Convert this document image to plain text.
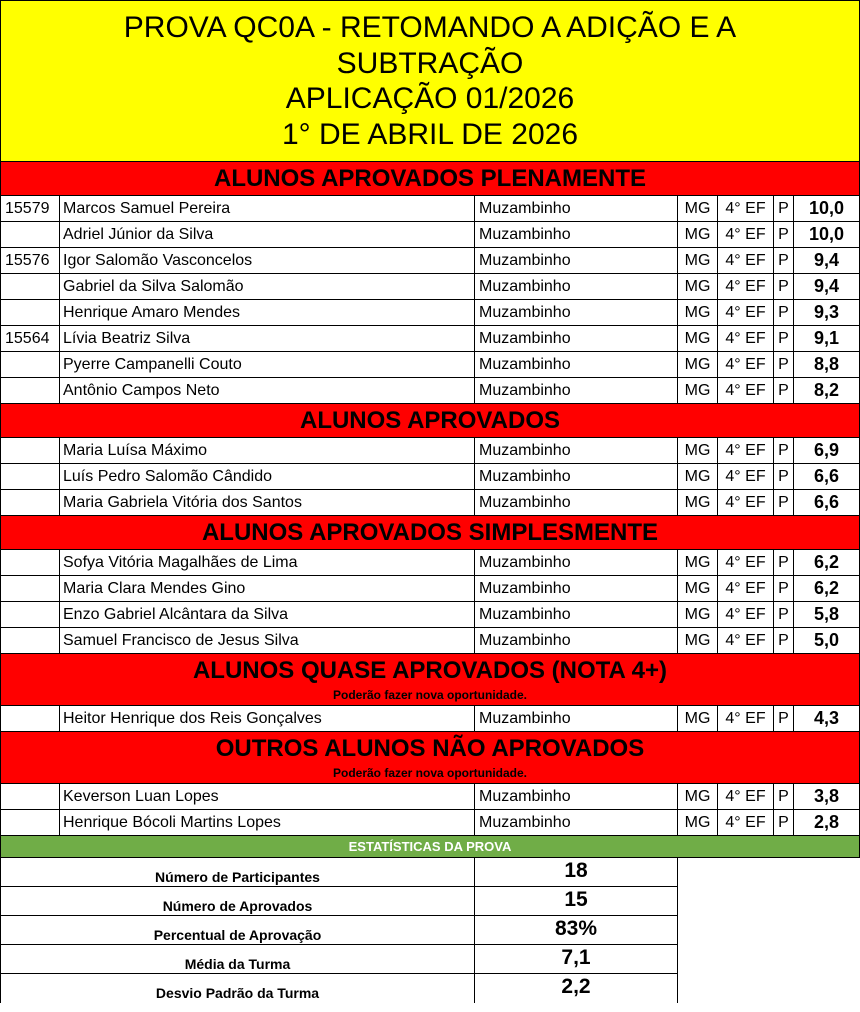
PROVA QC0A - RETOMANDO A ADIÇÃO E A
SUBTRAÇÃO
APLICAÇÃO 01/2026
1° DE ABRIL DE 2026
ALUNOS APROVADOS PLENAMENTE
15579 Marcos Samuel Pereira	Muzambinho	MG 4° EF P	10,0
Adriel Júnior da Silva	Muzambinho	MG 4° EF P	10,0
15576 Igor Salomão Vasconcelos	Muzambinho	MG 4° EF P	9,4
Gabriel da Silva Salomão	Muzambinho	MG 4° EF P	9,4
Henrique Amaro Mendes	Muzambinho	MG 4° EF P	9,3
15564 Lívia Beatriz Silva	Muzambinho	MG 4° EF P	9,1
Pyerre Campanelli Couto	Muzambinho	MG 4° EF P	8,8
Antônio Campos Neto	Muzambinho	MG 4° EF P	8,2
ALUNOS APROVADOS
Maria Luísa Máximo	Muzambinho	MG 4° EF P	6,9
Luís Pedro Salomão Cândido	Muzambinho	MG 4° EF P	6,6
Maria Gabriela Vitória dos Santos	Muzambinho	MG 4° EF P	6,6
ALUNOS APROVADOS SIMPLESMENTE
Sofya Vitória Magalhães de Lima	Muzambinho	MG 4° EF P	6,2
Maria Clara Mendes Gino	Muzambinho	MG 4° EF P	6,2
Enzo Gabriel Alcântara da Silva	Muzambinho	MG 4° EF P	5,8
Samuel Francisco de Jesus Silva	Muzambinho	MG 4° EF P	5,0
ALUNOS QUASE APROVADOS (NOTA 4+)
Poderão fazer nova oportunidade.
Heitor Henrique dos Reis Gonçalves	Muzambinho	MG 4° EF P	4,3
OUTROS ALUNOS NÃO APROVADOS
Poderão fazer nova oportunidade.
Keverson Luan Lopes	Muzambinho	MG 4° EF P	3,8
Henrique Bócoli Martins Lopes	Muzambinho	MG 4° EF P	2,8
ESTATÍSTICAS DA PROVA
Número de Participantes	18
Número de Aprovados	15
Percentual de Aprovação	83%
Média da Turma	7,1
Desvio Padrão da Turma	2,2
